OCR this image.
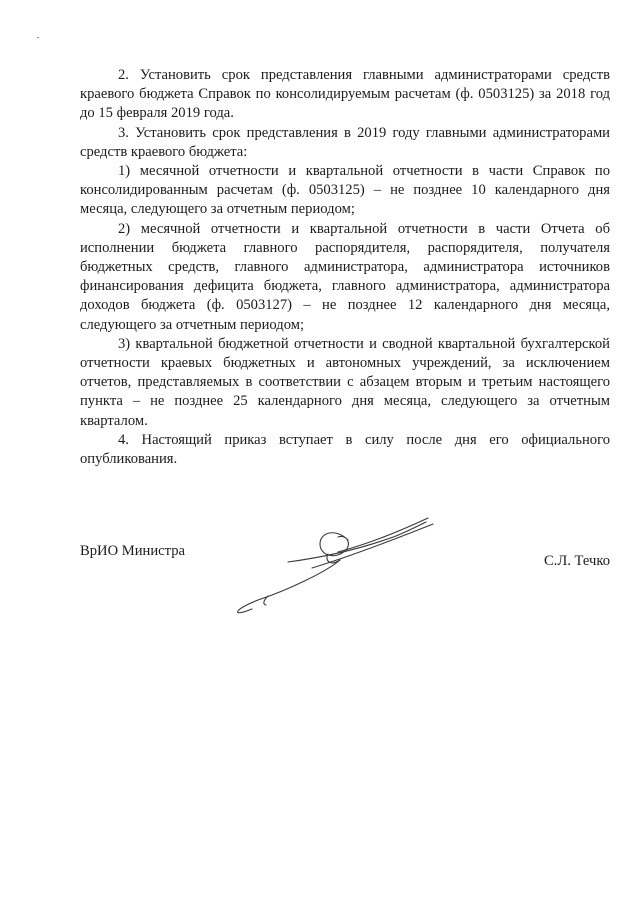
2. Установить срок представления главными администраторами средств краевого бюджета Справок по консолидируемым расчетам (ф. 0503125) за 2018 год до 15 февраля 2019 года.

3. Установить срок представления в 2019 году главными администраторами средств краевого бюджета:

1) месячной отчетности и квартальной отчетности в части Справок по консолидированным расчетам (ф. 0503125) – не позднее 10 календарного дня месяца, следующего за отчетным периодом;

2) месячной отчетности и квартальной отчетности в части Отчета об исполнении бюджета главного распорядителя, распорядителя, получателя бюджетных средств, главного администратора, администратора источников финансирования дефицита бюджета, главного администратора, администратора доходов бюджета (ф. 0503127) – не позднее 12 календарного дня месяца, следующего за отчетным периодом;

3) квартальной бюджетной отчетности и сводной квартальной бухгалтерской отчетности краевых бюджетных и автономных учреждений, за исключением отчетов, представляемых в соответствии с абзацем вторым и третьим настоящего пункта – не позднее 25 календарного дня месяца, следующего за отчетным кварталом.

4. Настоящий приказ вступает в силу после дня его официального опубликования.

ВрИО Министра
С.Л. Течко
